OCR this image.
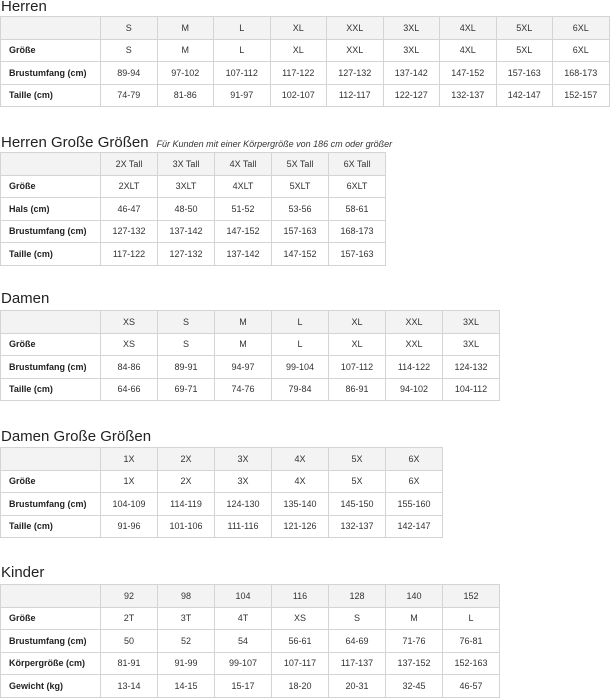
Herren
	S	M	L	XL	XXL	3XL	4XL	5XL	6XL
Größe	S	M	L	XL	XXL	3XL	4XL	5XL	6XL
Brustumfang (cm)	89-94	97-102	107-112	117-122	127-132	137-142	147-152	157-163	168-173
Taille (cm)	74-79	81-86	91-97	102-107	112-117	122-127	132-137	142-147	152-157
Herren Große Größen Für Kunden mit einer Körpergröße von 186 cm oder größer
	2X Tall	3X Tall	4X Tall	5X Tall	6X Tall
Größe	2XLT	3XLT	4XLT	5XLT	6XLT
Hals (cm)	46-47	48-50	51-52	53-56	58-61
Brustumfang (cm)	127-132	137-142	147-152	157-163	168-173
Taille (cm)	117-122	127-132	137-142	147-152	157-163
Damen
	XS	S	M	L	XL	XXL	3XL
Größe	XS	S	M	L	XL	XXL	3XL
Brustumfang (cm)	84-86	89-91	94-97	99-104	107-112	114-122	124-132
Taille (cm)	64-66	69-71	74-76	79-84	86-91	94-102	104-112
Damen Große Größen
	1X	2X	3X	4X	5X	6X
Größe	1X	2X	3X	4X	5X	6X
Brustumfang (cm)	104-109	114-119	124-130	135-140	145-150	155-160
Taille (cm)	91-96	101-106	111-116	121-126	132-137	142-147
Kinder
	92	98	104	116	128	140	152
Größe	2T	3T	4T	XS	S	M	L
Brustumfang (cm)	50	52	54	56-61	64-69	71-76	76-81
Körpergröße (cm)	81-91	91-99	99-107	107-117	117-137	137-152	152-163
Gewicht (kg)	13-14	14-15	15-17	18-20	20-31	32-45	46-57
